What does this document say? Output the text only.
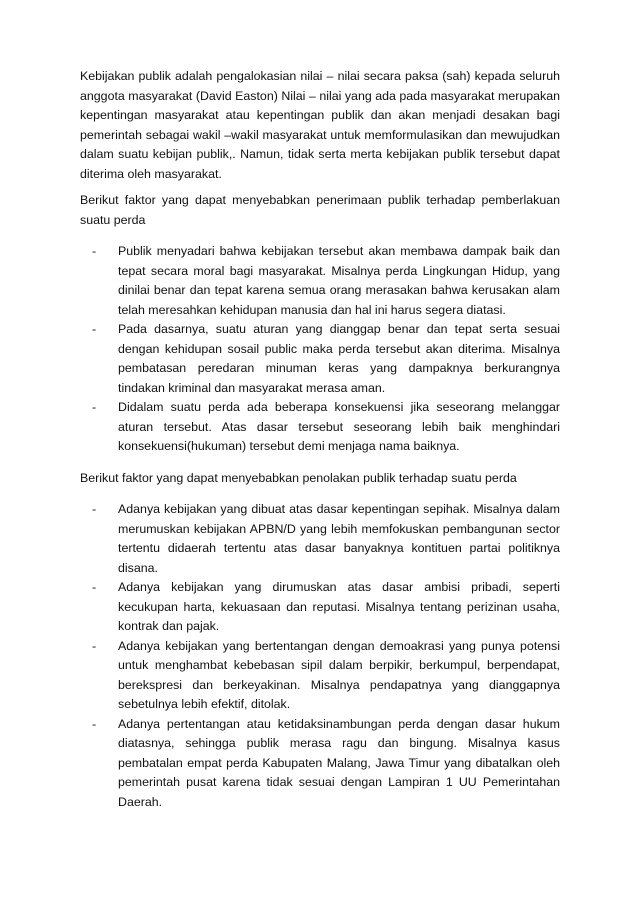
Kebijakan publik adalah pengalokasian nilai – nilai secara paksa (sah) kepada seluruh anggota masyarakat (David Easton) Nilai – nilai yang ada pada masyarakat merupakan kepentingan masyarakat atau kepentingan publik dan akan menjadi desakan bagi pemerintah sebagai wakil –wakil masyarakat untuk memformulasikan dan mewujudkan dalam suatu kebijan publik,. Namun, tidak serta merta kebijakan publik tersebut dapat diterima oleh masyarakat.

Berikut faktor yang dapat menyebabkan penerimaan publik terhadap pemberlakuan suatu perda

-	Publik menyadari bahwa kebijakan tersebut akan membawa dampak baik dan tepat secara moral bagi masyarakat. Misalnya perda Lingkungan Hidup, yang dinilai benar dan tepat karena semua orang merasakan bahwa kerusakan alam telah meresahkan kehidupan manusia dan hal ini harus segera diatasi.
-	Pada dasarnya, suatu aturan yang dianggap benar dan tepat serta sesuai dengan kehidupan sosail public maka perda tersebut akan diterima. Misalnya pembatasan peredaran minuman keras yang dampaknya berkurangnya tindakan kriminal dan masyarakat merasa aman.
-	Didalam suatu perda ada beberapa konsekuensi jika seseorang melanggar aturan tersebut. Atas dasar tersebut seseorang lebih baik menghindari konsekuensi(hukuman) tersebut demi menjaga nama baiknya.

Berikut faktor yang dapat menyebabkan penolakan publik terhadap suatu perda

-	Adanya kebijakan yang dibuat atas dasar kepentingan sepihak. Misalnya dalam merumuskan kebijakan APBN/D yang lebih memfokuskan pembangunan sector tertentu didaerah tertentu atas dasar banyaknya kontituen partai politiknya disana.
-	Adanya kebijakan yang dirumuskan atas dasar ambisi pribadi, seperti kecukupan harta, kekuasaan dan reputasi. Misalnya tentang perizinan usaha, kontrak dan pajak.
-	Adanya kebijakan yang bertentangan dengan demoakrasi yang punya potensi untuk menghambat kebebasan sipil dalam berpikir, berkumpul, berpendapat, berekspresi dan berkeyakinan. Misalnya pendapatnya yang dianggapnya sebetulnya lebih efektif, ditolak.
-	Adanya pertentangan atau ketidaksinambungan perda dengan dasar hukum diatasnya, sehingga publik merasa ragu dan bingung. Misalnya kasus pembatalan empat perda Kabupaten Malang, Jawa Timur yang dibatalkan oleh pemerintah pusat karena tidak sesuai dengan Lampiran 1 UU Pemerintahan Daerah.
